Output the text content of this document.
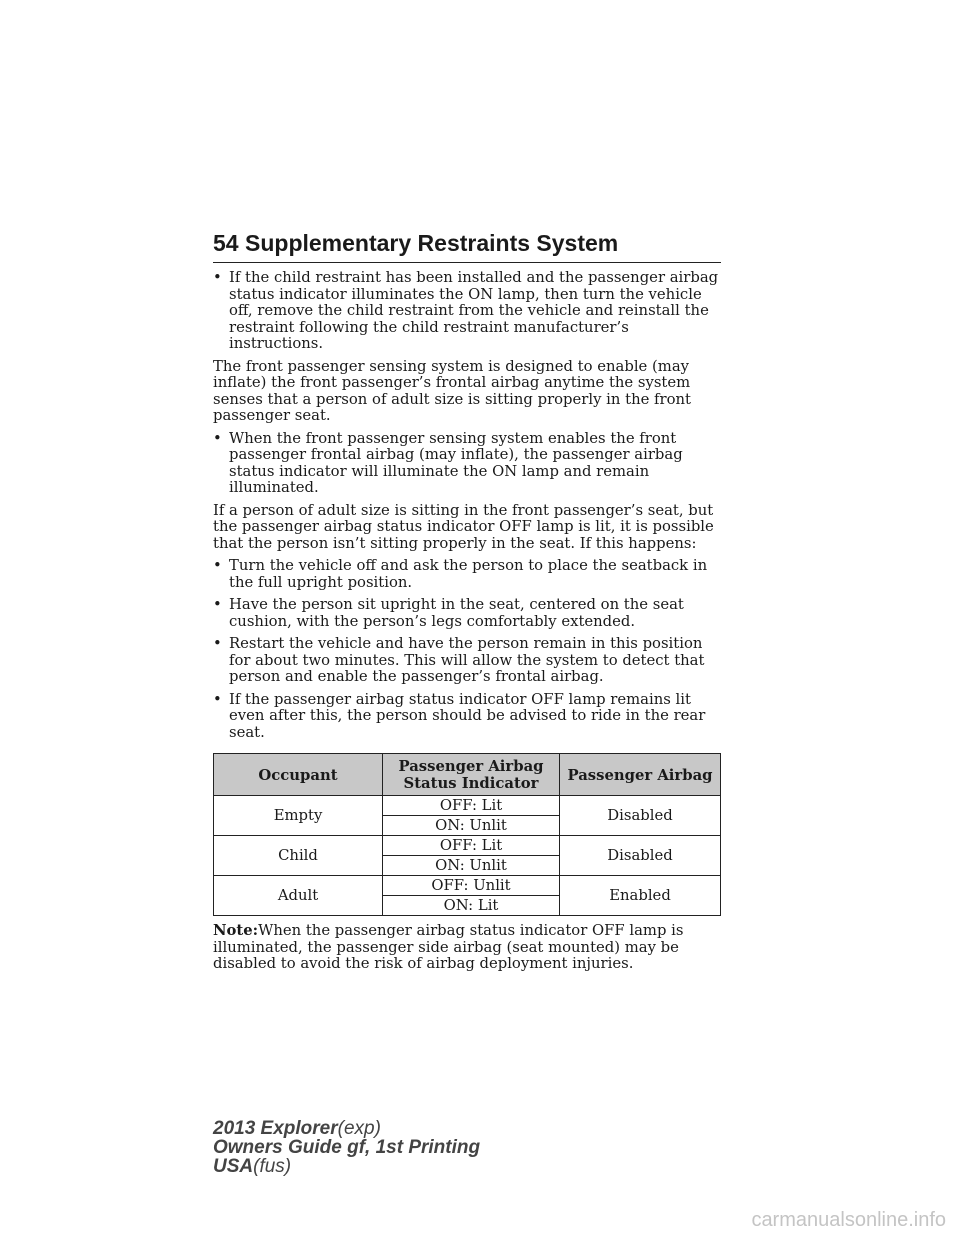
54 Supplementary Restraints System
• If the child restraint has been installed and the passenger airbag status indicator illuminates the ON lamp, then turn the vehicle off, remove the child restraint from the vehicle and reinstall the restraint following the child restraint manufacturer’s instructions.

The front passenger sensing system is designed to enable (may inflate) the front passenger’s frontal airbag anytime the system senses that a person of adult size is sitting properly in the front passenger seat.

• When the front passenger sensing system enables the front passenger frontal airbag (may inflate), the passenger airbag status indicator will illuminate the ON lamp and remain illuminated.

If a person of adult size is sitting in the front passenger’s seat, but the passenger airbag status indicator OFF lamp is lit, it is possible that the person isn’t sitting properly in the seat. If this happens:

• Turn the vehicle off and ask the person to place the seatback in the full upright position.
• Have the person sit upright in the seat, centered on the seat cushion, with the person’s legs comfortably extended.
• Restart the vehicle and have the person remain in this position for about two minutes. This will allow the system to detect that person and enable the passenger’s frontal airbag.
• If the passenger airbag status indicator OFF lamp remains lit even after this, the person should be advised to ride in the rear seat.
Occupant	Passenger Airbag Status Indicator	Passenger Airbag
Empty	OFF: Lit	Disabled
	ON: Unlit	
Child	OFF: Lit	Disabled
	ON: Unlit	
Adult	OFF: Unlit	Enabled
	ON: Lit	

Note:When the passenger airbag status indicator OFF lamp is illuminated, the passenger side airbag (seat mounted) may be disabled to avoid the risk of airbag deployment injuries.

2013 Explorer(exp)
Owners Guide gf, 1st Printing
USA(fus)
carmanualsonline.info
